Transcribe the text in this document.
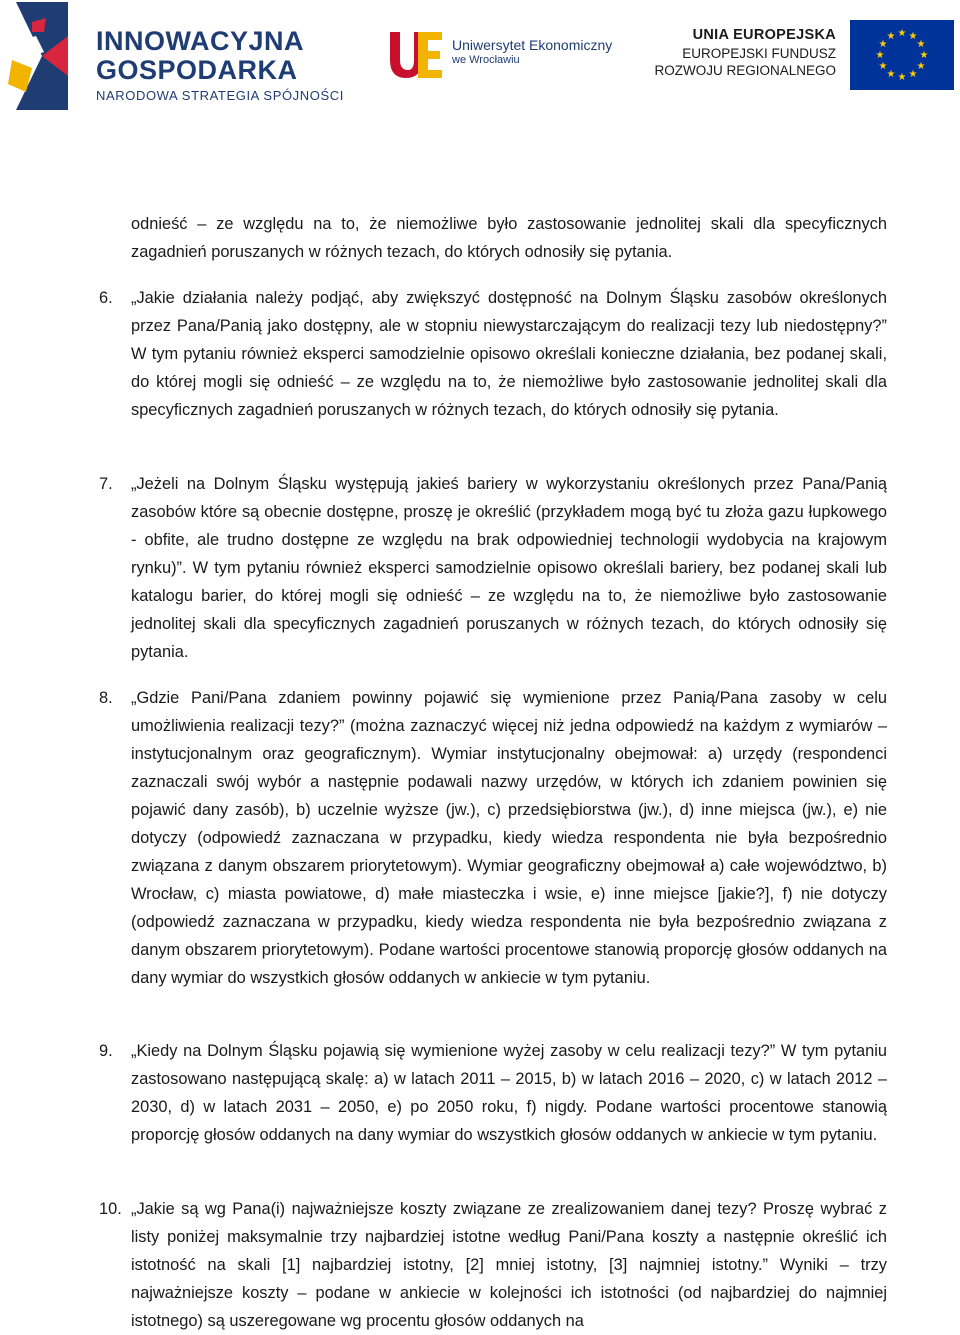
INNOWACYJNA
GOSPODARKA
NARODOWA STRATEGIA SPÓJNOŚCI
Uniwersytet Ekonomiczny
we Wrocławiu
UNIA EUROPEJSKA
EUROPEJSKI FUNDUSZ
ROZWOJU REGIONALNEGO
★ ★
★
★
★
★
★
★
★
★
★
★

odnieść – ze względu na to, że niemożliwe było zastosowanie jednolitej skali dla specyficznych zagadnień poruszanych w różnych tezach, do których odnosiły się pytania.

6. „Jakie działania należy podjąć, aby zwiększyć dostępność na Dolnym Śląsku zasobów określonych przez Pana/Panią jako dostępny, ale w stopniu niewystarczającym do realizacji tezy lub niedostępny?” W tym pytaniu również eksperci samodzielnie opisowo określali konieczne działania, bez podanej skali, do której mogli się odnieść – ze względu na to, że niemożliwe było zastosowanie jednolitej skali dla specyficznych zagadnień poruszanych w różnych tezach, do których odnosiły się pytania.

7. „Jeżeli na Dolnym Śląsku występują jakieś bariery w wykorzystaniu określonych przez Pana/Panią zasobów które są obecnie dostępne, proszę je określić (przykładem mogą być tu złoża gazu łupkowego - obfite, ale trudno dostępne ze względu na brak odpowiedniej technologii wydobycia na krajowym rynku)”. W tym pytaniu również eksperci samodzielnie opisowo określali bariery, bez podanej skali lub katalogu barier, do której mogli się odnieść – ze względu na to, że niemożliwe było zastosowanie jednolitej skali dla specyficznych zagadnień poruszanych w różnych tezach, do których odnosiły się pytania.

8. „Gdzie Pani/Pana zdaniem powinny pojawić się wymienione przez Panią/Pana zasoby w celu umożliwienia realizacji tezy?” (można zaznaczyć więcej niż jedna odpowiedź na każdym z wymiarów – instytucjonalnym oraz geograficznym). Wymiar instytucjonalny obejmował: a) urzędy (respondenci zaznaczali swój wybór a następnie podawali nazwy urzędów, w których ich zdaniem powinien się pojawić dany zasób), b) uczelnie wyższe (jw.), c) przedsiębiorstwa (jw.), d) inne miejsca (jw.), e) nie dotyczy (odpowiedź zaznaczana w przypadku, kiedy wiedza respondenta nie była bezpośrednio związana z danym obszarem priorytetowym). Wymiar geograficzny obejmował a) całe województwo, b) Wrocław, c) miasta powiatowe, d) małe miasteczka i wsie, e) inne miejsce [jakie?], f) nie dotyczy (odpowiedź zaznaczana w przypadku, kiedy wiedza respondenta nie była bezpośrednio związana z danym obszarem priorytetowym). Podane wartości procentowe stanowią proporcję głosów oddanych na dany wymiar do wszystkich głosów oddanych w ankiecie w tym pytaniu.

9. „Kiedy na Dolnym Śląsku pojawią się wymienione wyżej zasoby w celu realizacji tezy?” W tym pytaniu zastosowano następującą skalę: a) w latach 2011 – 2015, b) w latach 2016 – 2020, c) w latach 2012 – 2030, d) w latach 2031 – 2050, e) po 2050 roku, f) nigdy. Podane wartości procentowe stanowią proporcję głosów oddanych na dany wymiar do wszystkich głosów oddanych w ankiecie w tym pytaniu.

10. „Jakie są wg Pana(i) najważniejsze koszty związane ze zrealizowaniem danej tezy? Proszę wybrać z listy poniżej maksymalnie trzy najbardziej istotne według Pani/Pana koszty a następnie określić ich istotność na skali [1] najbardziej istotny, [2] mniej istotny, [3] najmniej istotny.” Wyniki – trzy najważniejsze koszty – podane w ankiecie w kolejności ich istotności (od najbardziej do najmniej istotnego) są uszeregowane wg procentu głosów oddanych na
